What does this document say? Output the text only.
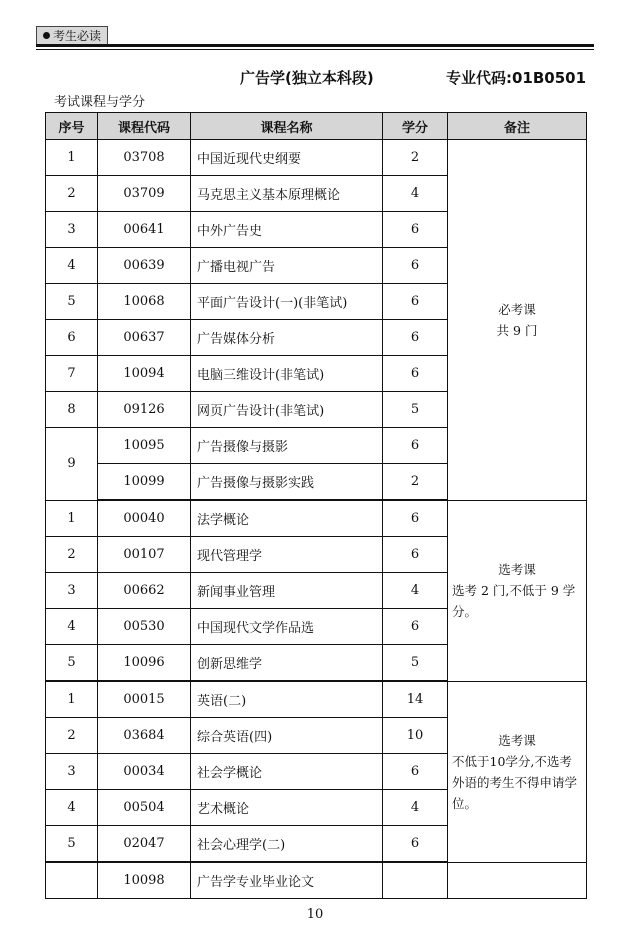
考生必读
广告学(独立本科段)	专业代码:01B0501
考试课程与学分
序号	课程代码	课程名称	学分	备注
1	03708	中国近现代史纲要	2	必考课
共 9 门

2	03709	马克思主义基本原理概论	4	
3	00641	中外广告史	6	
4	00639	广播电视广告	6	
5	10068	平面广告设计(一)(非笔试)	6	
6	00637	广告媒体分析	6	
7	10094	电脑三维设计(非笔试)	6	
8	09126	网页广告设计(非笔试)	5	
9	10095	广告摄像与摄影	6	
	10099	广告摄像与摄影实践	2	
1	00040	法学概论	6	选考课
选考 2 门,不低于 9 学分。

2	00107	现代管理学	6	
3	00662	新闻事业管理	4	
4	00530	中国现代文学作品选	6	
5	10096	创新思维学	5	
1	00015	英语(二)	14	选考课
不低于10学分,不选考外语的考生不得申请学位。

2	03684	综合英语(四)	10	
3	00034	社会学概论	6	
4	00504	艺术概论	4	
5	02047	社会心理学(二)	6	
	10098	广告学专业毕业论文		
10
